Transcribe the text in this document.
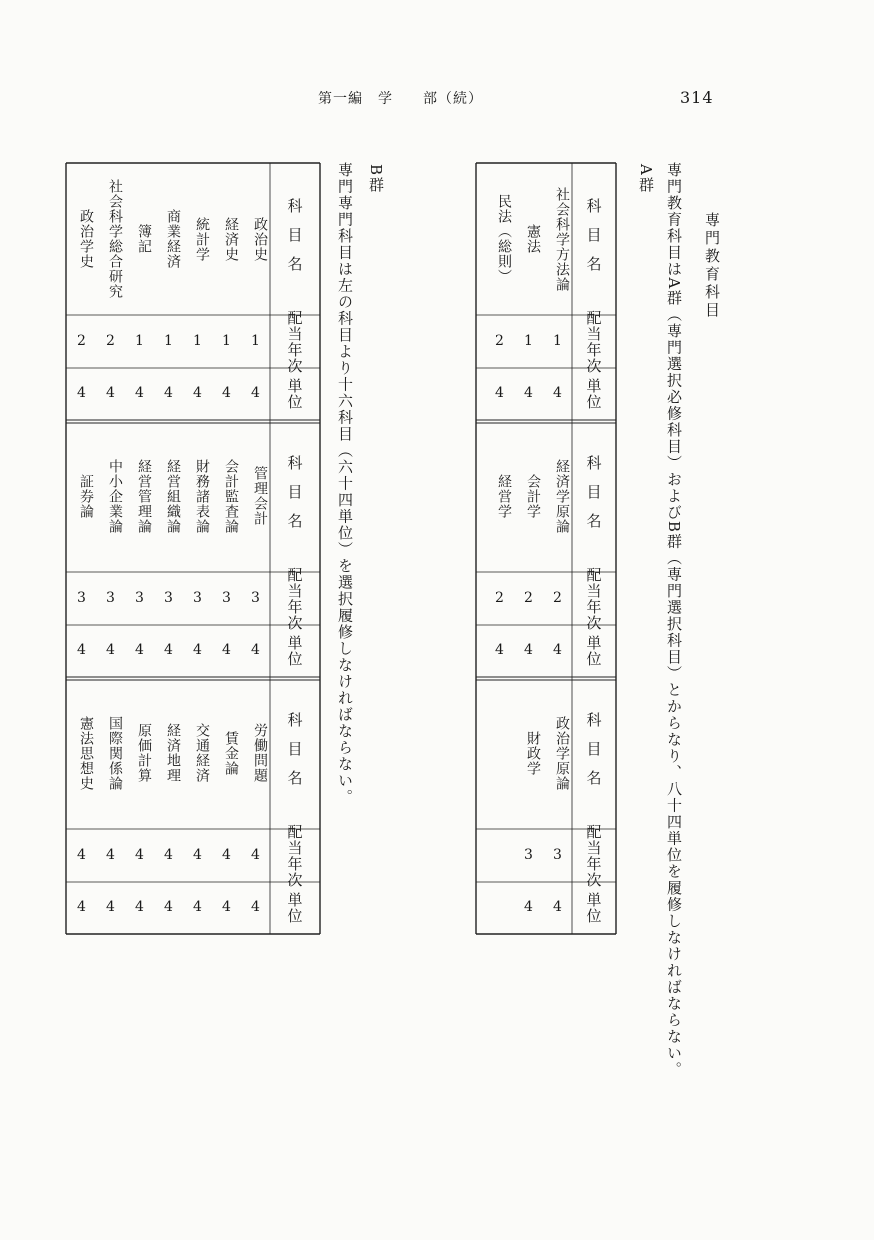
第一編　学　　部（続）	314
専門教育科目
専門教育科目はA群（専門選択必修科目）およびB群（専門選択科目）とからなり、八十四単位を履修しなければならない。
A群
B群
専門専門科目は左の科目より十六科目（六十四単位）を選択履修しなければならない。	科目名
配当年次
単位
社会科学方法論
1
4
憲法
1
4
民法（総則）
2
4
科目名
配当年次
単位
経済学原論
2
4
会計学
2
4
経営学
2
4
科目名
配当年次
単位
政治学原論
3
4
財政学
3
4
科目名
配当年次
単位
政治史
1
4
経済史
1
4
統計学
1
4
商業経済
1
4
簿記
1
4
社会科学総合研究
2
4
政治学史
2
4
科目名
配当年次
単位
管理会計
3
4
会計監査論
3
4
財務諸表論
3
4
経営組織論
3
4
経営管理論
3
4
中小企業論
3
4
証券論
3
4
科目名
配当年次
単位
労働問題
4
4
賃金論
4
4
交通経済
4
4
経済地理
4
4
原価計算
4
4
国際関係論
4
4
憲法思想史
4
4
